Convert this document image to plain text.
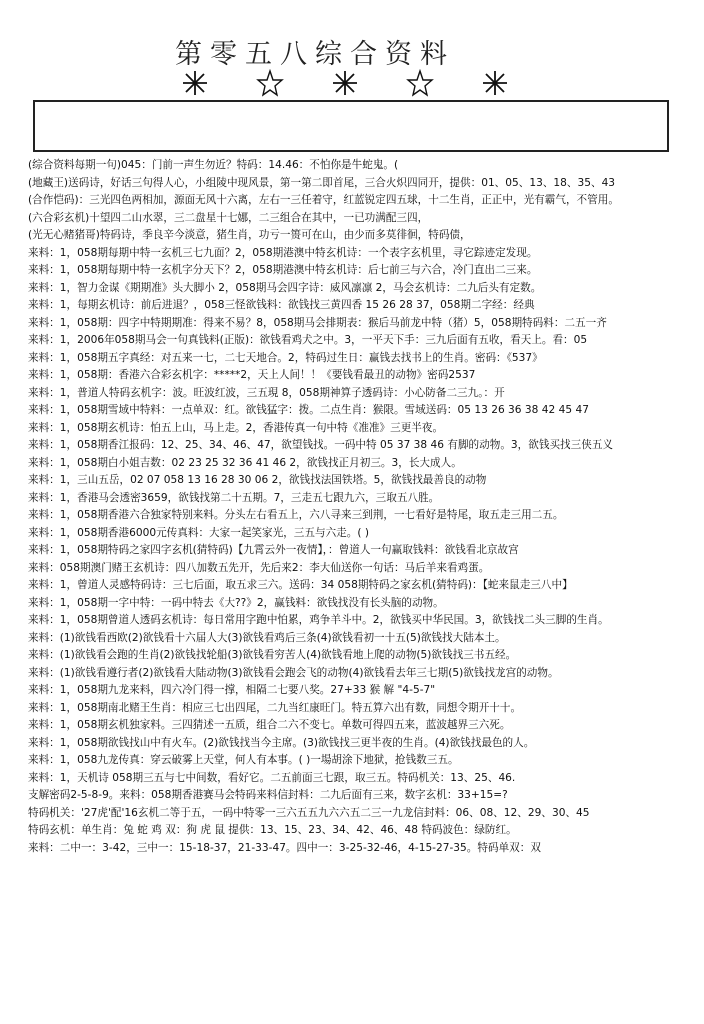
第零五八综合资料
(综合资料每期一句)045：门前一声生勿近？特码：14.46：不怕你是牛蛇鬼。(
(地藏王)送码诗，好话三句得人心，小组陵中现风景，第一第二即首尾，三合火炽四同开，提供：01、05、13、18、35、43
(合作恺码)：三光四色两相加，源面无风十六离，左右一三任着守，红蓝锐定四五球，十二生肖，正正中，光有霸气，不管用。
(六合彩玄机)十望四二山水翠，三二盘星十七娜，二三组合在其中，一已功满配三四，
(光无心赌猪哥)特码诗，季良辛今淡意，猪生肖，功亏一篑可在山，由少而多莫徘徊，特码债，
来料：1，058期每期中特一玄机三七九面？2，058期港澳中特玄机诗：一个表字玄机里，寻它踪迹定发现。
来料：1，058期每期中特一玄机字分天下？2，058期港澳中特玄机诗：后七前三与六合，冷门直出二三来。
来料：1，智力金谋《期期准》头大脚小 2，058期马会四字诗：威风凛凛 2，马会玄机诗：二九后头有定数。
来料：1，每期玄机诗：前后进退？，058三怪欲钱料：欲钱找三黄四香 15 26 28 37，058期二字经：经典
来料：1，058期：四字中特期期准：得来不易？8，058期马会排期表：猴后马前龙中特（猪）5，058期特码料：二五一齐
来料：1，2006年058期马会一句真钱料(正版)：欲钱看鸡犬之中。3，一平天下手：三九后面有五收，看天上。看：05
来料：1，058期五字真经：对五来一七，二七天地合。2，特码过生日：赢钱去找书上的生肖。密码：《537》
来料：1，058期：香港六合彩玄机字：*****2，天上人间！！《要钱看最丑的动物》密码2537
来料：1，普道人特码玄机字：波。旺波红波，三五現 8，058期神算子透码诗：小心防备二三九。：开
来料：1，058期雪域中特料：一点单双：红。欲钱猛字：拨。二点生肖：猴限。雪域送码：05 13 26 36 38 42 45 47
来料：1，058期玄机诗：怕五上山，马上走。2，香港传真一句中特《准准》三更半夜。
来料：1，058期香江报码：12、25、34、46、47，欲望钱找。一码中特 05 37 38 46 有脚的动物。3，欲钱买找三侠五义
来料：1，058期白小姐吉数：02 23 25 32 36 41 46 2，欲钱找正月初三。3，长大成人。
来料：1，三山五岳，02 07 058 13 16 28 30 06 2，欲钱找法国铁塔。5，欲钱找最善良的动物
来料：1，香港马会透密3659，欲钱找第二十五期。7，三走五七跟九六，三取五八胜。
来料：1，058期香港六合独家特别来料。分头左右看五上，六八寻来三到荆，一七看好是特尾，取五走三用二五。
来料：1，058期香港6000元传真料：大家一起笑家光，三五与六走。( )
来料：1，058期特码之家四字玄机(猜特码)【九霄云外一夜情】，：曾道人一句赢取钱料：欲钱看北京故宫
来料：058期澳门赌王玄机诗：四八加数五先开，先后来2：李大仙送你一句话：马后羊来看鸡蛋。
来料：1，曾道人灵感特码诗：三七后面，取五求三六。送码：34 058期特码之家玄机(猜特码)：【蛇来鼠走三八中】
来料：1，058期一字中特：一码中特去《大??》2，赢钱料：欲钱找没有长头脑的动物。
来料：1，058期曾道人透码玄机诗：每日常用字跑中怕累，鸡争羊斗中。2，欲钱买中华民国。3，欲钱找二头三脚的生肖。
来料：(1)欲钱看西欧(2)欲钱看十六届人大(3)欲钱看鸡后三条(4)欲钱看初一十五(5)欲钱找大陆本土。
来料：(1)欲钱看会跑的生肖(2)欲钱找轮船(3)欲钱看穷苦人(4)欲钱看地上爬的动物(5)欲钱找三书五经。
来料：(1)欲钱看遵行者(2)欲钱看大陆动物(3)欲钱看会跑会飞的动物(4)欲钱看去年三七期(5)欲钱找龙宫的动物。
来料：1，058期九龙来料，四六冷门得一撑，相隔二七要八奖。27+33 猴 解 "4-5-7"
来料：1，058期南北赌王生肖：相应三七出四尾，二九当红康旺门。特五算六出有数，同想令期开十十。
来料：1，058期玄机独家料。三四猜述一五质，组合二六不变七。单数可得四五来，蓝波越界三六死。
来料：1，058期欲钱找山中有火车。(2)欲钱找当今主席。(3)欲钱找三更半夜的生肖。(4)欲钱找最色的人。
来料：1，058九龙传真：穿云破雾上天堂，何人有本事。( )一場胡涂下地狱，抢钱数三五。
来料：1，天机诗 058期三五与七中间数，看好它。二五前面三七跟，取三五。特码机关：13、25、46.
支解密码2-5-8-9。来料：058期香港赛马会特码来料信封料：二九后面有三来，数字玄机：33+15=?
特码机关：'27虎'配'16玄机二等于五，一码中特零一三六五五九六六五二三一九龙信封料：06、08、12、29、30、45
特码玄机：单生肖：兔 蛇 鸡 双：狗 虎 鼠 提供：13、15、23、34、42、46、48 特码波色：绿防红。
来料：二中一：3-42，三中一：15-18-37，21-33-47。四中一：3-25-32-46，4-15-27-35。特码单双：双
